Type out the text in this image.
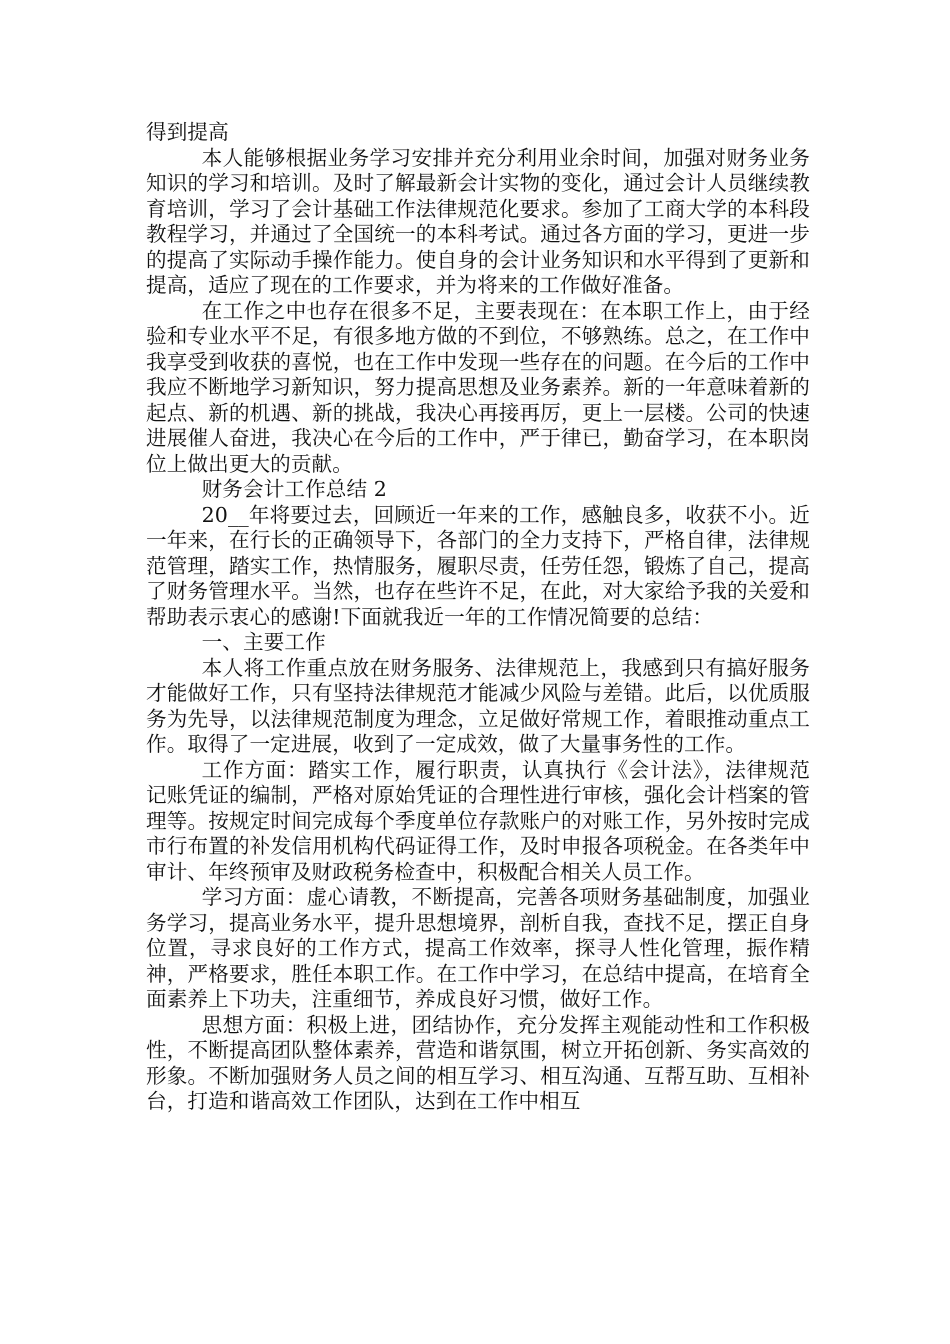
得到提高

本人能够根据业务学习安排并充分利用业余时间，加强对财务业务知识的学习和培训。及时了解最新会计实物的变化，通过会计人员继续教育培训，学习了会计基础工作法律规范化要求。参加了工商大学的本科段教程学习，并通过了全国统一的本科考试。通过各方面的学习，更进一步的提高了实际动手操作能力。使自身的会计业务知识和水平得到了更新和提高，适应了现在的工作要求，并为将来的工作做好准备。

在工作之中也存在很多不足，主要表现在：在本职工作上，由于经验和专业水平不足，有很多地方做的不到位，不够熟练。总之，在工作中我享受到收获的喜悦，也在工作中发现一些存在的问题。在今后的工作中我应不断地学习新知识，努力提高思想及业务素养。新的一年意味着新的起点、新的机遇、新的挑战，我决心再接再厉，更上一层楼。公司的快速进展催人奋进，我决心在今后的工作中，严于律已，勤奋学习，在本职岗位上做出更大的贡献。

财务会计工作总结 2

20__年将要过去，回顾近一年来的工作，感触良多，收获不小。近一年来，在行长的正确领导下，各部门的全力支持下，严格自律，法律规范管理，踏实工作，热情服务，履职尽责，任劳任怨，锻炼了自己，提高了财务管理水平。当然，也存在些许不足，在此，对大家给予我的关爱和帮助表示衷心的感谢!下面就我近一年的工作情况简要的总结：

一、主要工作

本人将工作重点放在财务服务、法律规范上，我感到只有搞好服务才能做好工作，只有坚持法律规范才能减少风险与差错。此后，以优质服务为先导，以法律规范制度为理念，立足做好常规工作，着眼推动重点工作。取得了一定进展，收到了一定成效，做了大量事务性的工作。

工作方面：踏实工作，履行职责，认真执行《会计法》，法律规范记账凭证的编制，严格对原始凭证的合理性进行审核，强化会计档案的管理等。按规定时间完成每个季度单位存款账户的对账工作，另外按时完成市行布置的补发信用机构代码证得工作，及时申报各项税金。在各类年中审计、年终预审及财政税务检查中，积极配合相关人员工作。

学习方面：虚心请教，不断提高，完善各项财务基础制度，加强业务学习，提高业务水平，提升思想境界，剖析自我，查找不足，摆正自身位置，寻求良好的工作方式，提高工作效率，探寻人性化管理，振作精神，严格要求，胜任本职工作。在工作中学习，在总结中提高，在培育全面素养上下功夫，注重细节，养成良好习惯，做好工作。

思想方面：积极上进，团结协作，充分发挥主观能动性和工作积极性，不断提高团队整体素养，营造和谐氛围，树立开拓创新、务实高效的形象。不断加强财务人员之间的相互学习、相互沟通、互帮互助、互相补台，打造和谐高效工作团队，达到在工作中相互
